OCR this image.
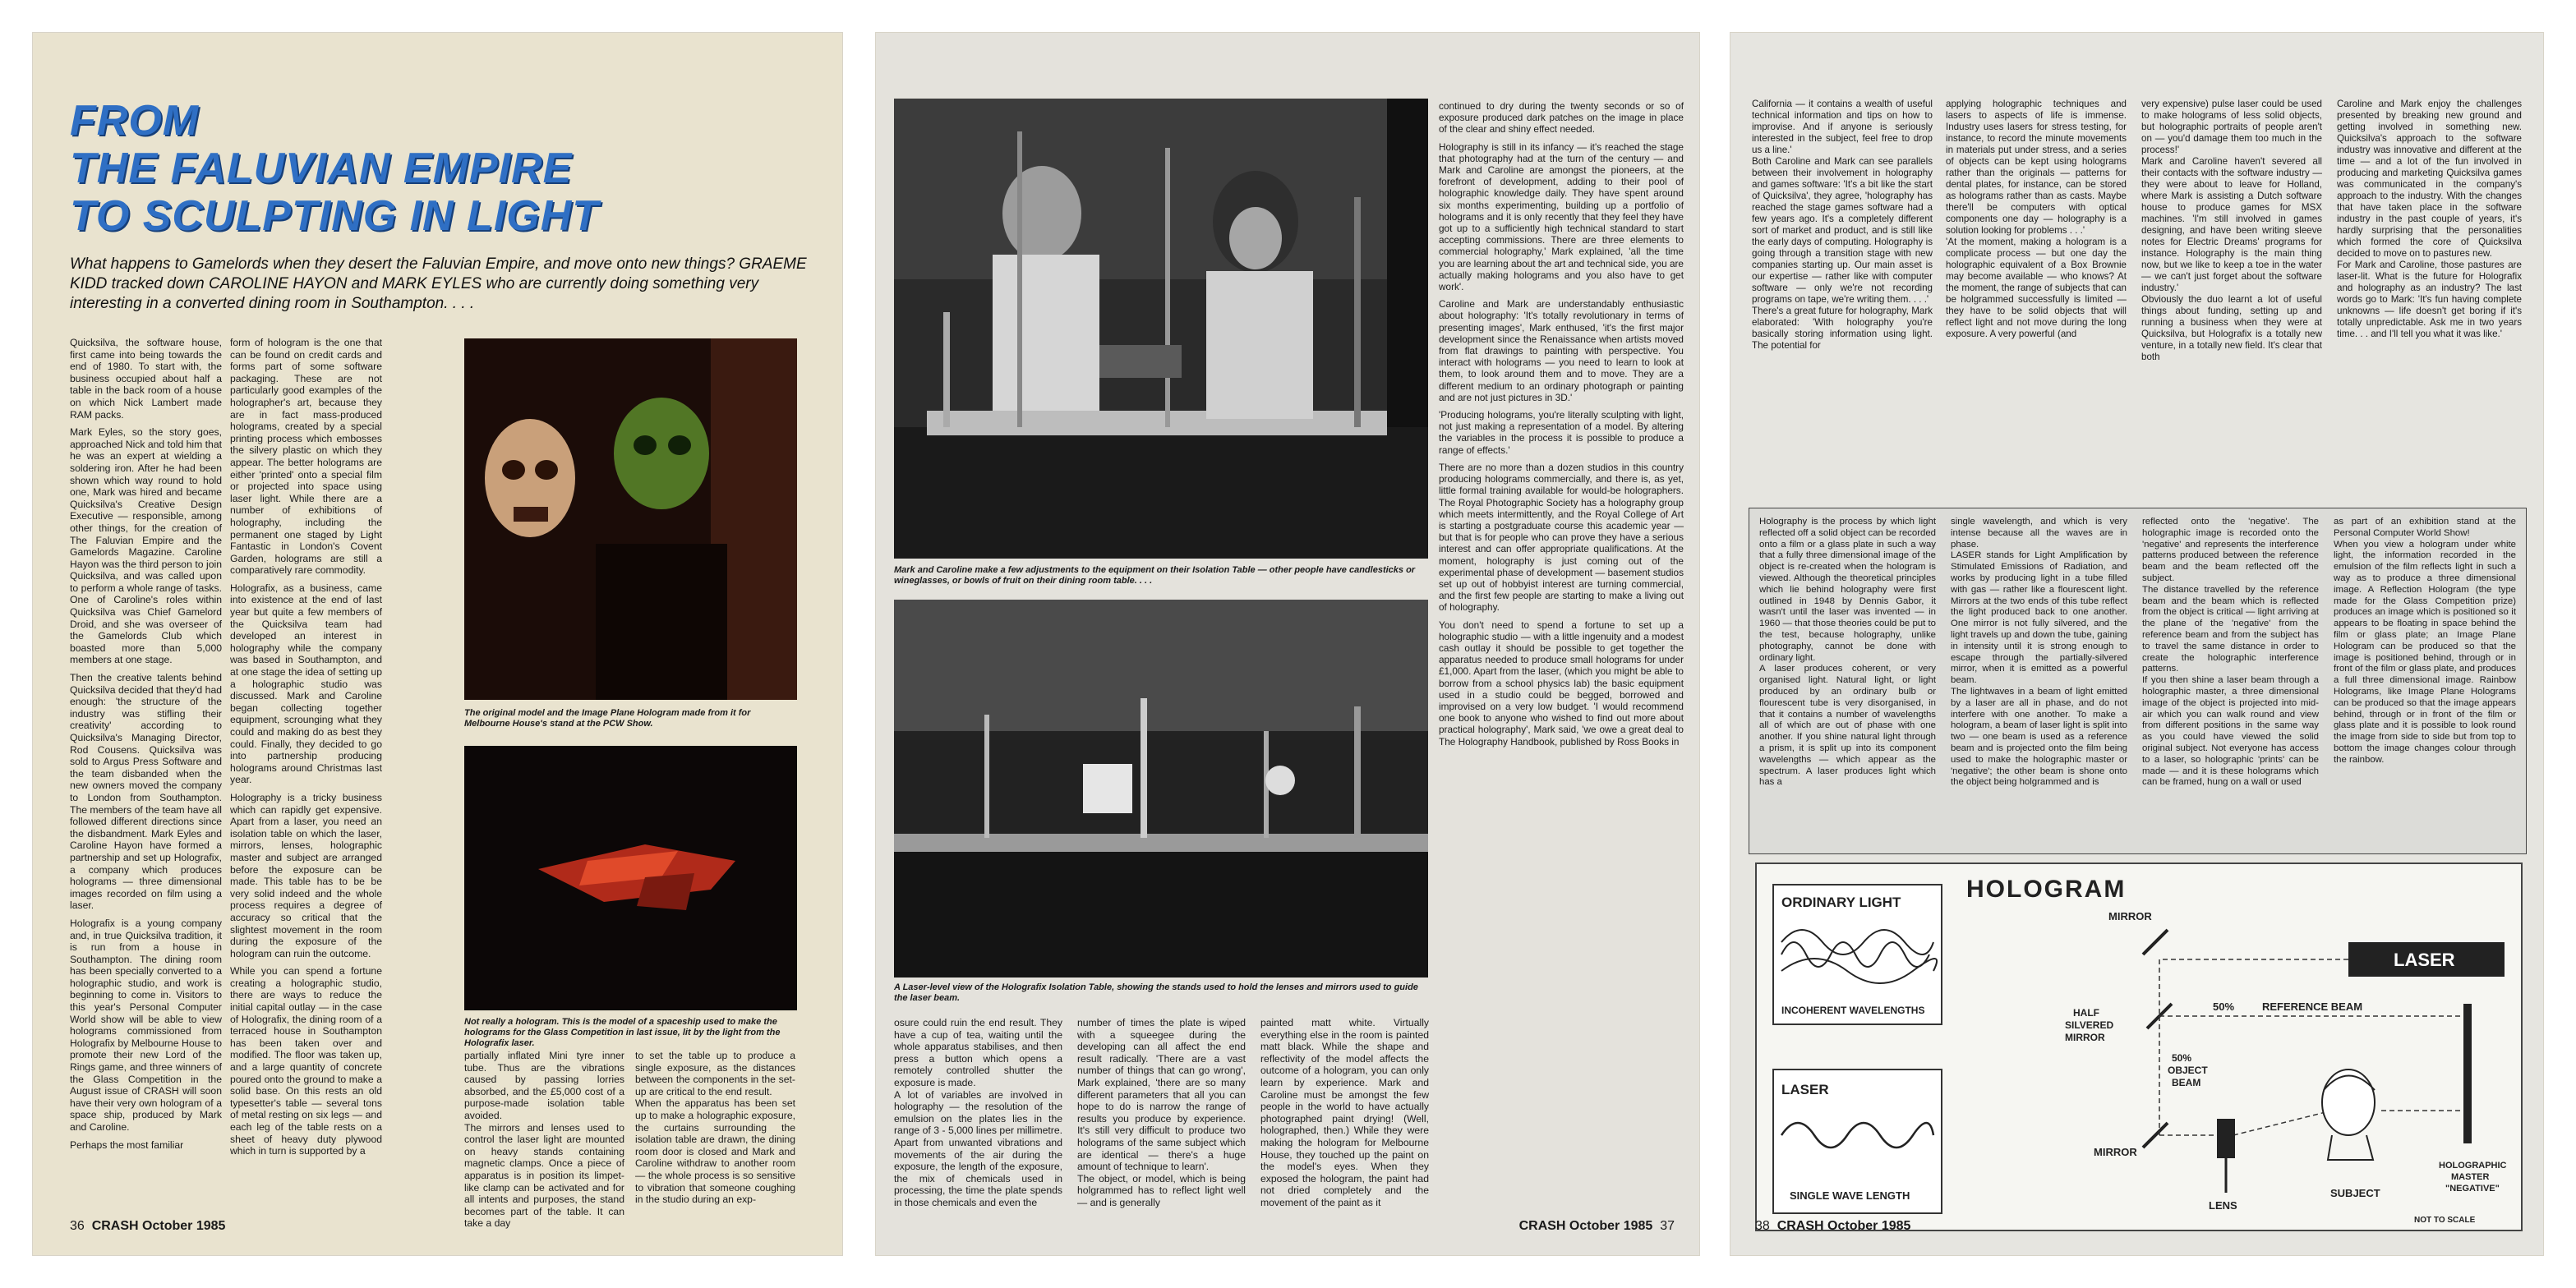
FROM
THE FALUVIAN EMPIRE
TO SCULPTING IN LIGHT

What happens to Gamelords when they desert the Faluvian Empire, and move onto new things? GRAEME KIDD tracked down CAROLINE HAYON and MARK EYLES who are currently doing something very interesting in a converted dining room in Southampton. . . .

Quicksilva, the software house, first came into being towards the end of 1980. To start with, the business occupied about half a table in the back room of a house on which Nick Lambert made RAM packs.

Mark Eyles, so the story goes, approached Nick and told him that he was an expert at wielding a soldering iron. After he had been shown which way round to hold one, Mark was hired and became Quicksilva's Creative Design Executive — responsible, among other things, for the creation of The Faluvian Empire and the Gamelords Magazine. Caroline Hayon was the third person to join Quicksilva, and was called upon to perform a whole range of tasks. One of Caroline's roles within Quicksilva was Chief Gamelord Droid, and she was overseer of the Gamelords Club which boasted more than 5,000 members at one stage.

Then the creative talents behind Quicksilva decided that they'd had enough: 'the structure of the industry was stifling their creativity' according to Quicksilva's Managing Director, Rod Cousens. Quicksilva was sold to Argus Press Software and the team disbanded when the new owners moved the company to London from Southampton. The members of the team have all followed different directions since the disbandment. Mark Eyles and Caroline Hayon have formed a partnership and set up Holografix, a company which produces holograms — three dimensional images recorded on film using a laser.

Holografix is a young company and, in true Quicksilva tradition, it is run from a house in Southampton. The dining room has been specially converted to a holographic studio, and work is beginning to come in. Visitors to this year's Personal Computer World show will be able to view holograms commissioned from Holografix by Melbourne House to promote their new Lord of the Rings game, and three winners of the Glass Competition in the August issue of CRASH will soon have their very own hologram of a space ship, produced by Mark and Caroline.

Perhaps the most familiar

form of hologram is the one that can be found on credit cards and forms part of some software packaging. These are not particularly good examples of the holographer's art, because they are in fact mass-produced holograms, created by a special printing process which embosses the silvery plastic on which they appear. The better holograms are either 'printed' onto a special film or projected into space using laser light. While there are a number of exhibitions of holography, including the permanent one staged by Light Fantastic in London's Covent Garden, holograms are still a comparatively rare commodity.

Holografix, as a business, came into existence at the end of last year but quite a few members of the Quicksilva team had developed an interest in holography while the company was based in Southampton, and at one stage the idea of setting up a holographic studio was discussed. Mark and Caroline began collecting together equipment, scrounging what they could and making do as best they could. Finally, they decided to go into partnership producing holograms around Christmas last year.

Holography is a tricky business which can rapidly get expensive. Apart from a laser, you need an isolation table on which the laser, mirrors, lenses, holographic master and subject are arranged before the exposure can be made. This table has to be be very solid indeed and the whole process requires a degree of accuracy so critical that the slightest movement in the room during the exposure of the hologram can ruin the outcome.

While you can spend a fortune creating a holographic studio, there are ways to reduce the initial capital outlay — in the case of Holografix, the dining room of a terraced house in Southampton has been taken over and modified. The floor was taken up, and a large quantity of concrete poured onto the ground to make a solid base. On this rests an old typesetter's table — several tons of metal resting on six legs — and each leg of the table rests on a sheet of heavy duty plywood which in turn is supported by a

The original model and the Image Plane Hologram made from it for Melbourne House's stand at the PCW Show.

Not really a hologram. This is the model of a spaceship used to make the holograms for the Glass Competition in last issue, lit by the light from the Holografix laser.

partially inflated Mini tyre inner tube. Thus are the vibrations caused by passing lorries absorbed, and the £5,000 cost of a purpose-made isolation table avoided.
The mirrors and lenses used to control the laser light are mounted on heavy stands containing magnetic clamps. Once a piece of apparatus is in position its limpet-like clamp can be activated and for all intents and purposes, the stand becomes part of the table. It can take a day
to set the table up to produce a single exposure, as the distances between the components in the set-up are critical to the end result.
When the apparatus has been set up to make a holographic exposure, the curtains surrounding the isolation table are drawn, the dining room door is closed and Mark and Caroline withdraw to another room — the whole process is so sensitive to vibration that someone coughing in the studio during an exp-

36 CRASH October 1985

Mark and Caroline make a few adjustments to the equipment on their Isolation Table — other people have candlesticks or wineglasses, or bowls of fruit on their dining room table. . . .

A Laser-level view of the Holografix Isolation Table, showing the stands used to hold the lenses and mirrors used to guide the laser beam.

continued to dry during the twenty seconds or so of exposure produced dark patches on the image in place of the clear and shiny effect needed.

Holography is still in its infancy — it's reached the stage that photography had at the turn of the century — and Mark and Caroline are amongst the pioneers, at the forefront of development, adding to their pool of holographic knowledge daily. They have spent around six months experimenting, building up a portfolio of holograms and it is only recently that they feel they have got up to a sufficiently high technical standard to start accepting commissions. There are three elements to commercial holography,' Mark explained, 'all the time you are learning about the art and technical side, you are actually making holograms and you also have to get work'.

Caroline and Mark are understandably enthusiastic about holography: 'It's totally revolutionary in terms of presenting images', Mark enthused, 'it's the first major development since the Renaissance when artists moved from flat drawings to painting with perspective. You interact with holograms — you need to learn to look at them, to look around them and to move. They are a different medium to an ordinary photograph or painting and are not just pictures in 3D.'

'Producing holograms, you're literally sculpting with light, not just making a representation of a model. By altering the variables in the process it is possible to produce a range of effects.'

There are no more than a dozen studios in this country producing holograms commercially, and there is, as yet, little formal training available for would-be holographers. The Royal Photographic Society has a holography group which meets intermittently, and the Royal College of Art is starting a postgraduate course this academic year — but that is for people who can prove they have a serious interest and can offer appropriate qualifications. At the moment, holography is just coming out of the experimental phase of development — basement studios set up out of hobbyist interest are turning commercial, and the first few people are starting to make a living out of holography.

You don't need to spend a fortune to set up a holographic studio — with a little ingenuity and a modest cash outlay it should be possible to get together the apparatus needed to produce small holograms for under £1,000. Apart from the laser, (which you might be able to borrow from a school physics lab) the basic equipment used in a studio could be begged, borrowed and improvised on a very low budget. 'I would recommend one book to anyone who wished to find out more about practical holography', Mark said, 'we owe a great deal to The Holography Handbook, published by Ross Books in

osure could ruin the end result. They have a cup of tea, waiting until the whole apparatus stabilises, and then press a button which opens a remotely controlled shutter the exposure is made.
A lot of variables are involved in holography — the resolution of the emulsion on the plates lies in the range of 3 - 5,000 lines per millimetre. Apart from unwanted vibrations and movements of the air during the exposure, the length of the exposure, the mix of chemicals used in processing, the time the plate spends in those chemicals and even the
number of times the plate is wiped with a squeegee during the developing can all affect the end result radically. 'There are a vast number of things that can go wrong', Mark explained, 'there are so many different parameters that all you can hope to do is narrow the range of results you produce by experience. It's still very difficult to produce two holograms of the same subject which are identical — there's a huge amount of technique to learn'.
The object, or model, which is being holgrammed has to reflect light well — and is generally
painted matt white. Virtually everything else in the room is painted matt black. While the shape and reflectivity of the model affects the outcome of a hologram, you can only learn by experience. Mark and Caroline must be amongst the few people in the world to have actually photographed paint drying! (Well, holographed, then.) While they were making the hologram for Melbourne House, they touched up the paint on the model's eyes. When they exposed the hologram, the paint had not dried completely and the movement of the paint as it

CRASH October 1985 37

California — it contains a wealth of useful technical information and tips on how to improvise. And if anyone is seriously interested in the subject, feel free to drop us a line.'
Both Caroline and Mark can see parallels between their involvement in holography and games software: 'It's a bit like the start of Quicksilva', they agree, 'holography has reached the stage games software had a few years ago. It's a completely different sort of market and product, and is still like the early days of computing. Holography is going through a transition stage with new companies starting up. Our main asset is our expertise — rather like with computer software — only we're not recording programs on tape, we're writing them. . . .'
There's a great future for holography, Mark elaborated: 'With holography you're basically storing information using light. The potential for
applying holographic techniques and lasers to aspects of life is immense. Industry uses lasers for stress testing, for instance, to record the minute movements in materials put under stress, and a series of objects can be kept using holograms rather than the originals — patterns for dental plates, for instance, can be stored as holograms rather than as casts. Maybe there'll be computers with optical components one day — holography is a solution looking for problems . . .'
'At the moment, making a hologram is a complicate process — but one day the holographic equivalent of a Box Brownie may become available — who knows? At the moment, the range of subjects that can be holgrammed successfully is limited — they have to be solid objects that will reflect light and not move during the long exposure. A very powerful (and
very expensive) pulse laser could be used to make holograms of less solid objects, but holographic portraits of people aren't on — you'd damage them too much in the process!'
Mark and Caroline haven't severed all their contacts with the software industry — they were about to leave for Holland, where Mark is assisting a Dutch software house to produce games for MSX machines. 'I'm still involved in games designing, and have been writing sleeve notes for Electric Dreams' programs for instance. Holography is the main thing now, but we like to keep a toe in the water — we can't just forget about the software industry.'
Obviously the duo learnt a lot of useful things about funding, setting up and running a business when they were at Quicksilva, but Holografix is a totally new venture, in a totally new field. It's clear that both
Caroline and Mark enjoy the challenges presented by breaking new ground and getting involved in something new. Quicksilva's approach to the software industry was innovative and different at the time — and a lot of the fun involved in producing and marketing Quicksilva games was communicated in the company's approach to the industry. With the changes that have taken place in the software industry in the past couple of years, it's hardly surprising that the personalities which formed the core of Quicksilva decided to move on to pastures new.
For Mark and Caroline, those pastures are laser-lit. What is the future for Holografix and holography as an industry? The last words go to Mark: 'It's fun having complete unknowns — life doesn't get boring if it's totally unpredictable. Ask me in two years time. . . and I'll tell you what it was like.'
Holography is the process by which light reflected off a solid object can be recorded onto a film or a glass plate in such a way that a fully three dimensional image of the object is re-created when the hologram is viewed. Although the theoretical principles which lie behind holography were first outlined in 1948 by Dennis Gabor, it wasn't until the laser was invented — in 1960 — that those theories could be put to the test, because holography, unlike photography, cannot be done with ordinary light.
A laser produces coherent, or very organised light. Natural light, or light produced by an ordinary bulb or flourescent tube is very disorganised, in that it contains a number of wavelengths all of which are out of phase with one another. If you shine natural light through a prism, it is split up into its component wavelengths — which appear as the spectrum. A laser produces light which has a
single wavelength, and which is very intense because all the waves are in phase.
LASER stands for Light Amplification by Stimulated Emissions of Radiation, and works by producing light in a tube filled with gas — rather like a flourescent light. Mirrors at the two ends of this tube reflect the light produced back to one another. One mirror is not fully silvered, and the light travels up and down the tube, gaining in intensity until it is strong enough to escape through the partially-silvered mirror, when it is emitted as a powerful beam.
The lightwaves in a beam of light emitted by a laser are all in phase, and do not interfere with one another. To make a hologram, a beam of laser light is split into two — one beam is used as a reference beam and is projected onto the film being used to make the holographic master or 'negative'; the other beam is shone onto the object being holgrammed and is
reflected onto the 'negative'. The holographic image is recorded onto the 'negative' and represents the interference patterns produced between the reference beam and the beam reflected off the subject.
The distance travelled by the reference beam and the beam which is reflected from the object is critical — light arriving at the plane of the 'negative' from the reference beam and from the subject has to travel the same distance in order to create the holographic interference patterns.
If you then shine a laser beam through a holographic master, a three dimensional image of the object is projected into mid-air which you can walk round and view from different positions in the same way as you could have viewed the solid original subject. Not everyone has access to a laser, so holographic 'prints' can be made — and it is these holograms which can be framed, hung on a wall or used
as part of an exhibition stand at the Personal Computer World Show!
When you view a hologram under white light, the information recorded in the emulsion of the film reflects light in such a way as to produce a three dimensional image. A Reflection Hologram (the type made for the Glass Competition prize) produces an image which is positioned so it appears to be floating in space behind the film or glass plate; an Image Plane Hologram can be produced so that the image is positioned behind, through or in front of the film or glass plate, and produces a full three dimensional image. Rainbow Holograms, like Image Plane Holograms can be produced so that the image appears behind, through or in front of the film or glass plate and it is possible to look round the image from side to side but from top to bottom the image changes colour through the rainbow.
ORDINARY LIGHT
INCOHERENT WAVELENGTHS
LASER
SINGLE WAVE LENGTH
HOLOGRAM
LASER
MIRROR
HALF SILVERED MIRROR
MIRROR
50%	REFERENCE BEAM
50% OBJECT BEAM
LENS
SUBJECT
HOLOGRAPHIC MASTER "NEGATIVE"
NOT TO SCALE

38 CRASH October 1985
